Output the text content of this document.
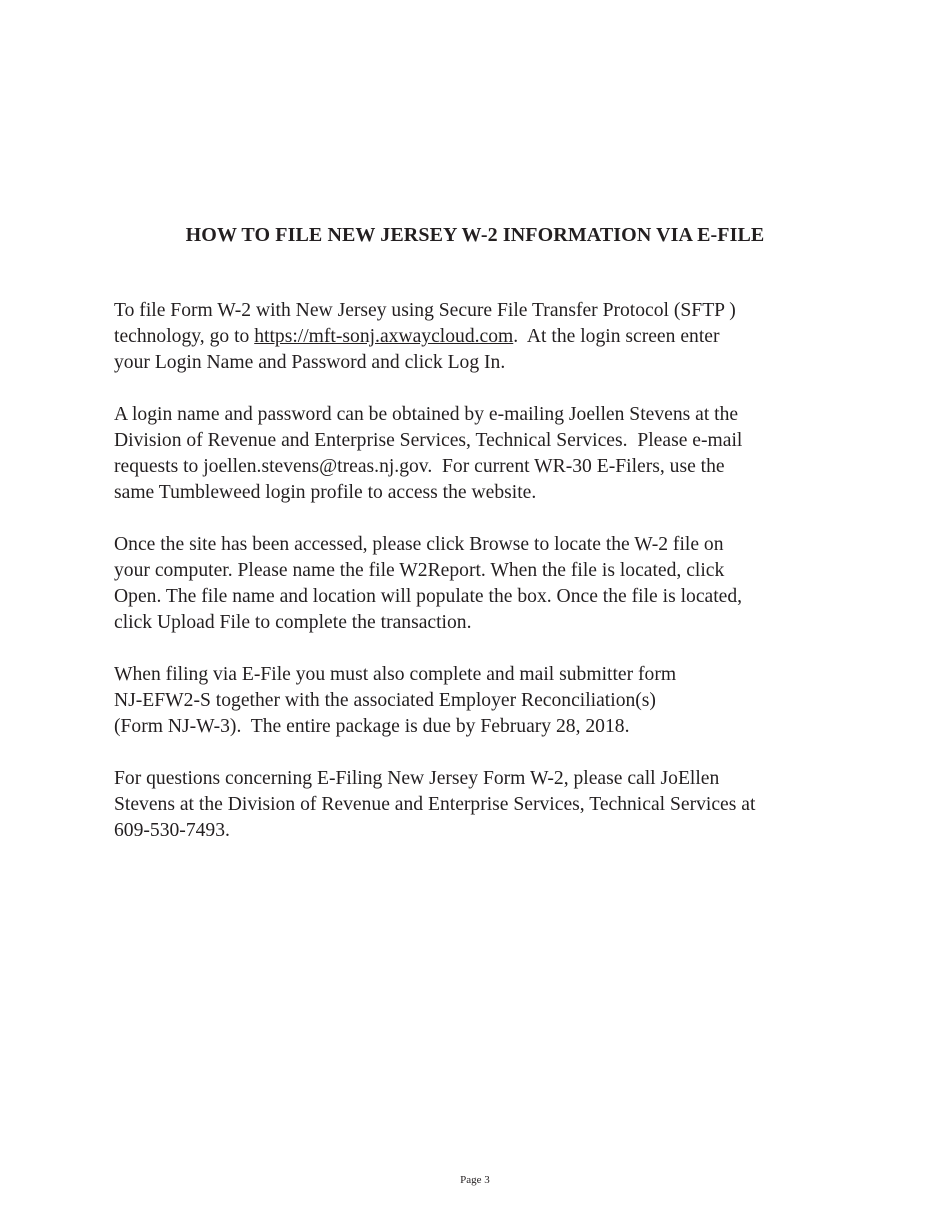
HOW TO FILE NEW JERSEY W-2 INFORMATION VIA E-FILE
To file Form W-2 with New Jersey using Secure File Transfer Protocol (SFTP )
technology, go to https://mft-sonj.axwaycloud.com.  At the login screen enter
your Login Name and Password and click Log In.
A login name and password can be obtained by e-mailing Joellen Stevens at the
Division of Revenue and Enterprise Services, Technical Services.  Please e-mail
requests to joellen.stevens@treas.nj.gov.  For current WR-30 E-Filers, use the
same Tumbleweed login profile to access the website.
Once the site has been accessed, please click Browse to locate the W-2 file on
your computer. Please name the file W2Report. When the file is located, click
Open. The file name and location will populate the box. Once the file is located,
click Upload File to complete the transaction.
When filing via E-File you must also complete and mail submitter form
NJ-EFW2-S together with the associated Employer Reconciliation(s)
(Form NJ-W-3).  The entire package is due by February 28, 2018.
For questions concerning E-Filing New Jersey Form W-2, please call JoEllen
Stevens at the Division of Revenue and Enterprise Services, Technical Services at
609-530-7493.
Page 3
